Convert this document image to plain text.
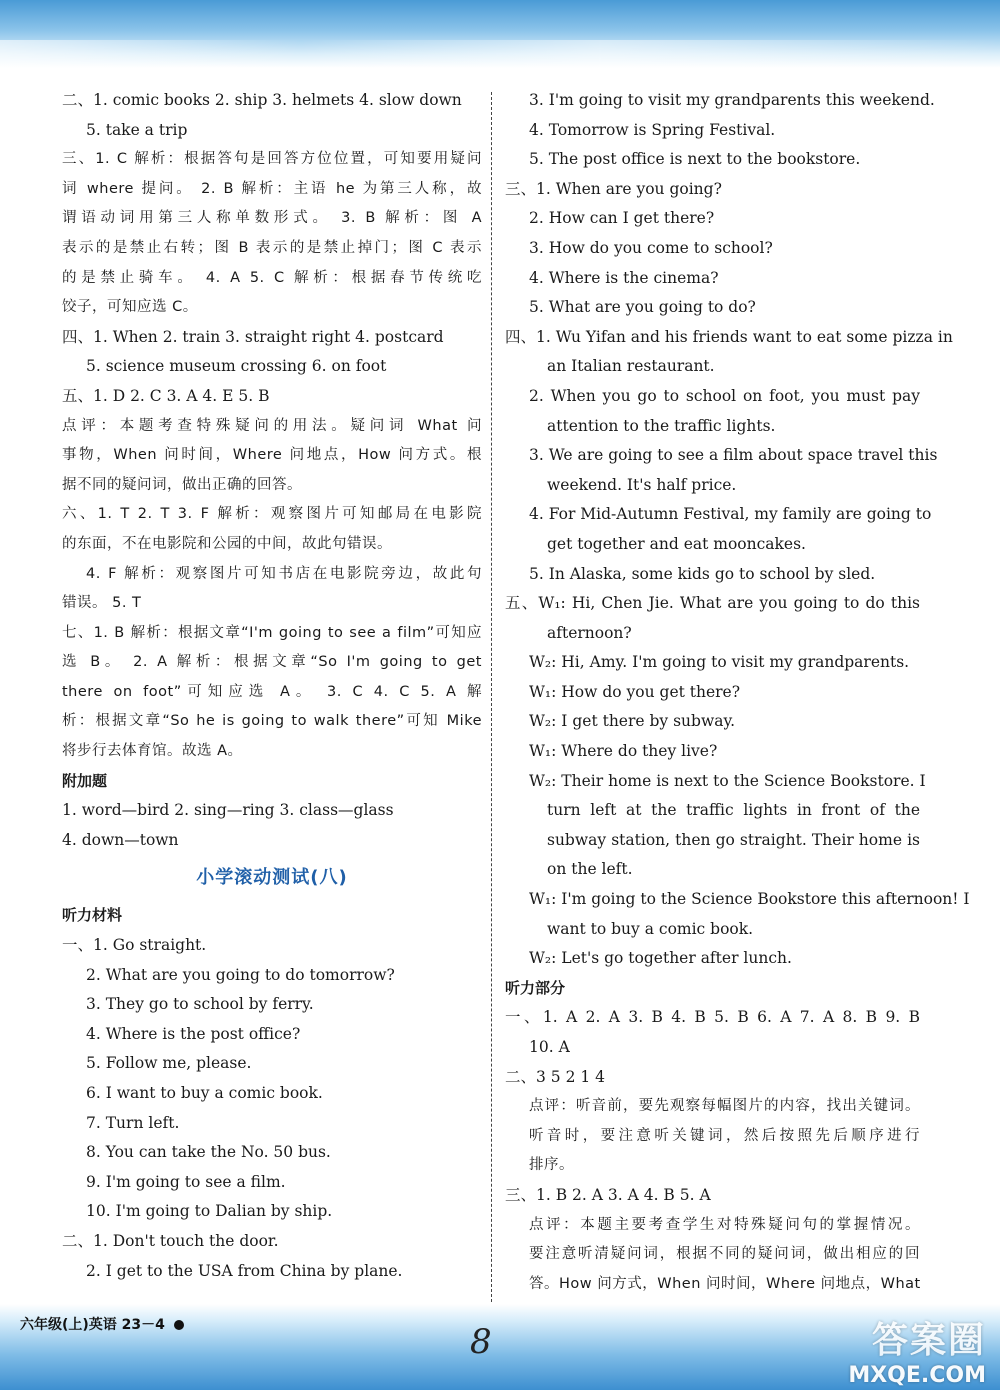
二、1. comic books 2. ship 3. helmets 4. slow down
5. take a trip
三、1. C 解析：根据答句是回答方位位置，可知要用疑问
词 where 提问。 2. B 解析：主语 he 为第三人称，故
谓语动词用第三人称单数形式。 3. B 解析：图 A
表示的是禁止右转；图 B 表示的是禁止掉门；图 C 表示
的是禁止骑车。 4. A 5. C 解析：根据春节传统吃
饺子，可知应选 C。
四、1. When 2. train 3. straight right 4. postcard
5. science museum crossing 6. on foot
五、1. D 2. C 3. A 4. E 5. B
点评：本题考查特殊疑问的用法。疑问词 What 问
事物，When 问时间，Where 问地点，How 问方式。根
据不同的疑问词，做出正确的回答。
六、1. T 2. T 3. F 解析：观察图片可知邮局在电影院
的东面，不在电影院和公园的中间，故此句错误。
4. F 解析：观察图片可知书店在电影院旁边，故此句
错误。 5. T
七、1. B 解析：根据文章“I'm going to see a film”可知应
选 B。 2. A 解析：根据文章“So I'm going to get
there on foot”可知应选 A。 3. C 4. C 5. A 解
析：根据文章“So he is going to walk there”可知 Mike
将步行去体育馆。故选 A。
附加题
1. word—bird 2. sing—ring 3. class—glass
4. down—town
小学滚动测试(八)
听力材料
一、1. Go straight.
2. What are you going to do tomorrow?
3. They go to school by ferry.
4. Where is the post office?
5. Follow me, please.
6. I want to buy a comic book.
7. Turn left.
8. You can take the No. 50 bus.
9. I'm going to see a film.
10. I'm going to Dalian by ship.
二、1. Don't touch the door.
2. I get to the USA from China by plane.
3. I'm going to visit my grandparents this weekend.
4. Tomorrow is Spring Festival.
5. The post office is next to the bookstore.
三、1. When are you going?
2. How can I get there?
3. How do you come to school?
4. Where is the cinema?
5. What are you going to do?
四、1. Wu Yifan and his friends want to eat some pizza in
an Italian restaurant.
2. When you go to school on foot, you must pay
attention to the traffic lights.
3. We are going to see a film about space travel this
weekend. It's half price.
4. For Mid-Autumn Festival, my family are going to
get together and eat mooncakes.
5. In Alaska, some kids go to school by sled.
五、W₁: Hi, Chen Jie. What are you going to do this
afternoon?
W₂: Hi, Amy. I'm going to visit my grandparents.
W₁: How do you get there?
W₂: I get there by subway.
W₁: Where do they live?
W₂: Their home is next to the Science Bookstore. I
turn left at the traffic lights in front of the
subway station, then go straight. Their home is
on the left.
W₁: I'm going to the Science Bookstore this afternoon! I
want to buy a comic book.
W₂: Let's go together after lunch.
听力部分
一、1. A 2. A 3. B 4. B 5. B 6. A 7. A 8. B 9. B
10. A
二、3 5 2 1 4
点评：听音前，要先观察每幅图片的内容，找出关键词。
听音时，要注意听关键词，然后按照先后顺序进行
排序。
三、1. B 2. A 3. A 4. B 5. A
点评：本题主要考查学生对特殊疑问句的掌握情况。
要注意听清疑问词，根据不同的疑问词，做出相应的回
答。How 问方式，When 问时间，Where 问地点，What
六年级(上)英语 23－4	8	答案圈
MXQE.COM
